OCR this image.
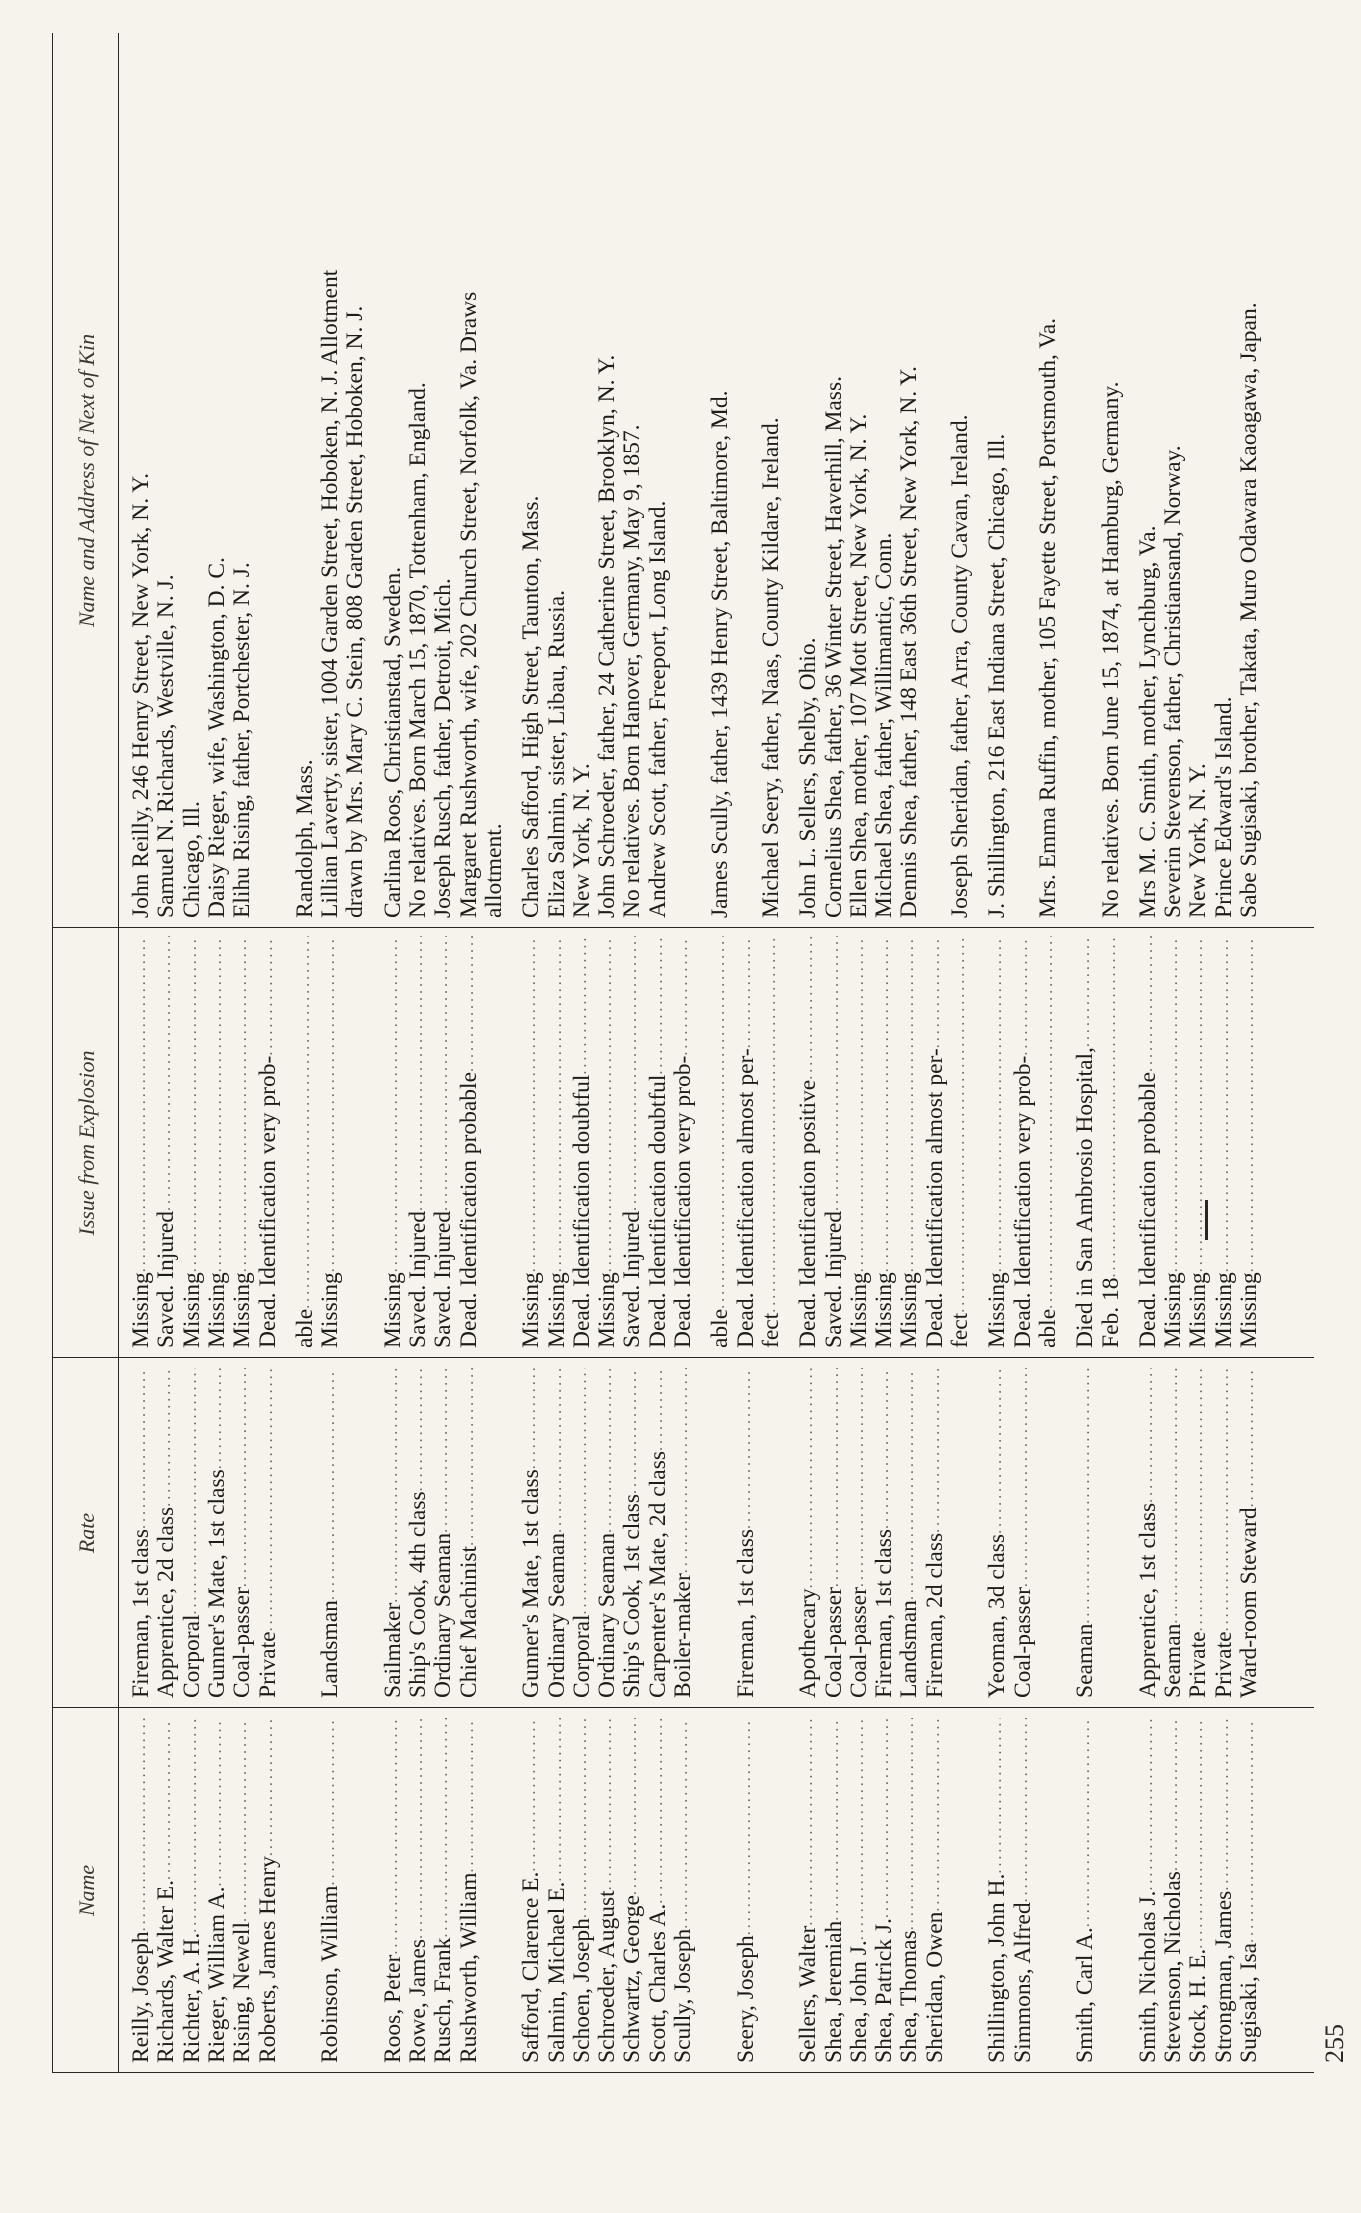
Name
Rate
Issue from Explosion
Name and Address of Next of Kin
Reilly, Joseph
..... Richards, Walter E.
..... Richter, A. H.
..... Rieger, William A.
..... Rising, Newell
..... Roberts, James Henry
..... Robinson, William
..... Roos, Peter
..... Rowe, James
..... Rusch, Frank
..... Rushworth, William
..... Safford, Clarence E.
..... Salmin, Michael E.
..... Schoen, Joseph
..... Schroeder, August
..... Schwartz, George
..... Scott, Charles A.
..... Scully, Joseph
..... Seery, Joseph
..... Sellers, Walter
..... Shea, Jeremiah
..... Shea, John J.
..... Shea, Patrick J.
..... Shea, Thomas
..... Sheridan, Owen
..... Shillington, John H.
..... Simmons, Alfred
..... Smith, Carl A.
..... Smith, Nicholas J.
..... Stevenson, Nicholas
..... Stock, H. E.
..... Strongman, James
..... Sugisaki, Isa
.....
Fireman, 1st class
..... Apprentice, 2d class
..... Corporal ..... Gunner's Mate, 1st class
..... Coal-passer
..... Private
..... Landsman
..... Sailmaker ..... Ship's Cook, 4th class
..... Ordinary Seaman
..... Chief Machinist
..... Gunner's Mate, 1st class
..... Ordinary Seaman
..... Corporal
..... Ordinary Seaman
..... Ship's Cook, 1st class
..... Carpenter's Mate, 2d class
..... Boiler-maker
..... Fireman, 1st class
..... Apothecary
..... Coal-passer
..... Coal-passer
..... Fireman, 1st class
..... Landsman
..... Fireman, 2d class
..... Yeoman, 3d class
..... Coal-passer
..... Seaman ..... Apprentice, 1st class
..... Seaman
..... Private
..... Private ..... Ward-room Steward
.....
Missing ..... Saved. Injured
..... Missing
..... Missing
..... Missing ..... Dead. Identification very prob-
..... able
..... Missing
..... Missing
..... Saved. Injured
..... Saved. Injured ..... Dead. Identification probable
..... Missing
..... Missing ..... Dead. Identification doubtful
..... Missing
..... Saved. Injured ..... Dead. Identification doubtful
..... Dead. Identification very prob-
..... able ..... Dead. Identification almost per-
..... fect ..... Dead. Identification positive
..... Saved. Injured
..... Missing
..... Missing
..... Missing ..... Dead. Identification almost per-
..... fect
..... Missing ..... Dead. Identification very prob-
..... able ..... Died in San Ambrosio Hospital,
..... Feb. 18 ..... Dead. Identification probable
..... Missing
..... Missing
..... Missing
..... Missing
.....
John Reilly, 246 Henry Street, New York, N. Y. Samuel N. Richards, Westville, N. J. Chicago, Ill. Daisy Rieger, wife, Washington, D. C. Elihu Rising, father, Portchester, N. J. Randolph, Mass. Lillian Laverty, sister, 1004 Garden Street, Hoboken, N. J. Allotment drawn by Mrs. Mary C. Stein, 808 Garden Street, Hoboken, N. J. Carlina Roos, Christianstad, Sweden. No relatives. Born March 15, 1870, Tottenham, England. Joseph Rusch, father, Detroit, Mich. Margaret Rushworth, wife, 202 Church Street, Norfolk, Va. Draws allotment. Charles Safford, High Street, Taunton, Mass. Eliza Salmin, sister, Libau, Russia. New York, N. Y. John Schroeder, father, 24 Catherine Street, Brooklyn, N. Y. No relatives. Born Hanover, Germany, May 9, 1857. Andrew Scott, father, Freeport, Long Island. James Scully, father, 1439 Henry Street, Baltimore, Md. Michael Seery, father, Naas, County Kildare, Ireland. John L. Sellers, Shelby, Ohio. Cornelius Shea, father, 36 Winter Street, Haverhill, Mass. Ellen Shea, mother, 107 Mott Street, New York, N. Y. Michael Shea, father, Willimantic, Conn. Dennis Shea, father, 148 East 36th Street, New York, N. Y. Joseph Sheridan, father, Arra, County Cavan, Ireland. J. Shillington, 216 East Indiana Street, Chicago, Ill. Mrs. Emma Ruffin, mother, 105 Fayette Street, Portsmouth, Va. No relatives. Born June 15, 1874, at Hamburg, Germany. Mrs M. C. Smith, mother, Lynchburg, Va. Severin Stevenson, father, Christiansand, Norway. New York, N. Y. Prince Edward's Island. Sabe Sugisaki, brother, Takata, Muro Odawara Kaoagawa, Japan.
255
